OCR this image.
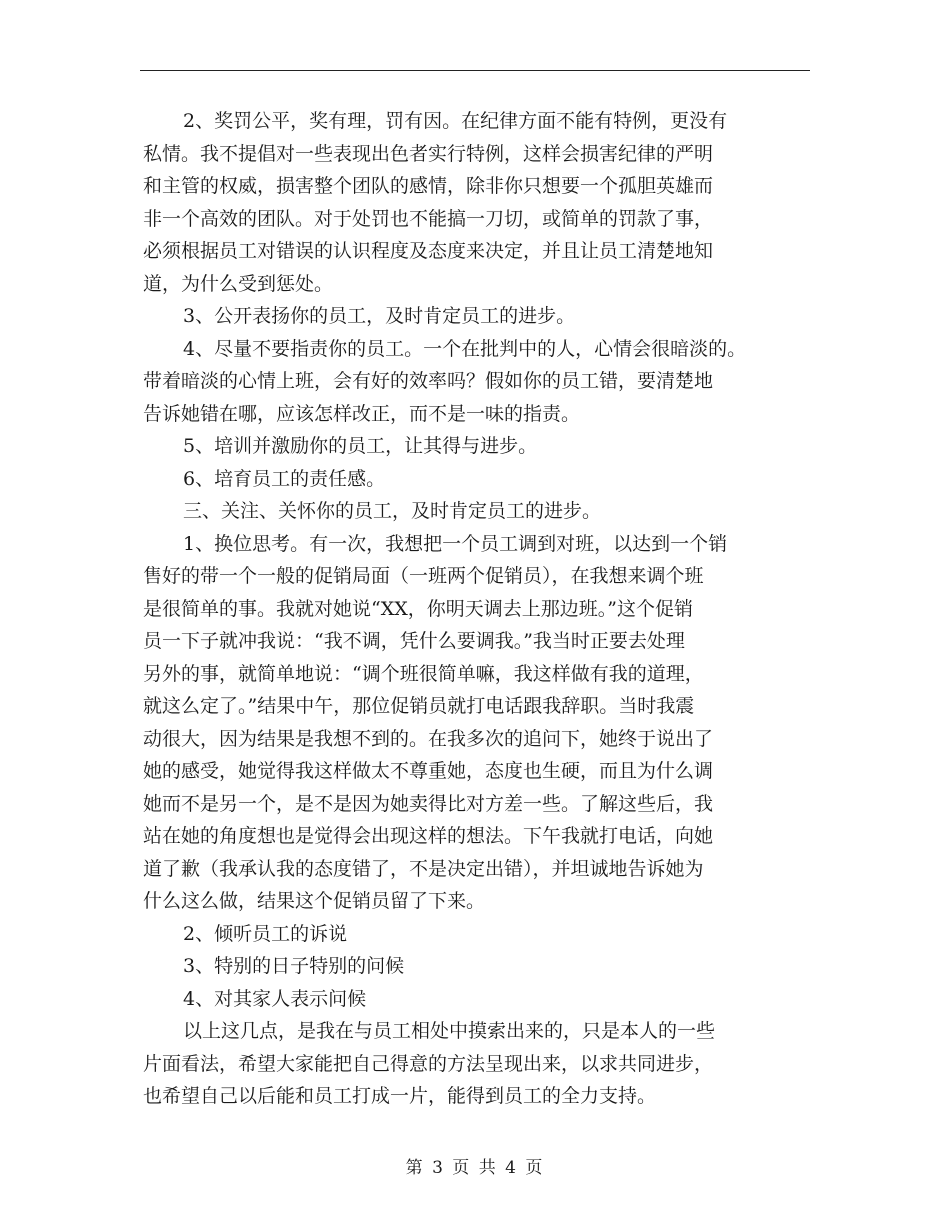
2、奖罚公平，奖有理，罚有因。在纪律方面不能有特例，更没有
私情。我不提倡对一些表现出色者实行特例，这样会损害纪律的严明
和主管的权威，损害整个团队的感情，除非你只想要一个孤胆英雄而
非一个高效的团队。对于处罚也不能搞一刀切，或简单的罚款了事，
必须根据员工对错误的认识程度及态度来决定，并且让员工清楚地知
道，为什么受到惩处。
3、公开表扬你的员工，及时肯定员工的进步。
4、尽量不要指责你的员工。一个在批判中的人，心情会很暗淡的。
带着暗淡的心情上班，会有好的效率吗？假如你的员工错，要清楚地
告诉她错在哪，应该怎样改正，而不是一味的指责。
5、培训并激励你的员工，让其得与进步。
6、培育员工的责任感。
三、关注、关怀你的员工，及时肯定员工的进步。
1、换位思考。有一次，我想把一个员工调到对班，以达到一个销
售好的带一个一般的促销局面（一班两个促销员），在我想来调个班
是很简单的事。我就对她说“XX，你明天调去上那边班。”这个促销
员一下子就冲我说：“我不调，凭什么要调我。”我当时正要去处理
另外的事，就简单地说：“调个班很简单嘛，我这样做有我的道理，
就这么定了。”结果中午，那位促销员就打电话跟我辞职。当时我震
动很大，因为结果是我想不到的。在我多次的追问下，她终于说出了
她的感受，她觉得我这样做太不尊重她，态度也生硬，而且为什么调
她而不是另一个，是不是因为她卖得比对方差一些。了解这些后，我
站在她的角度想也是觉得会出现这样的想法。下午我就打电话，向她
道了歉（我承认我的态度错了，不是决定出错），并坦诚地告诉她为
什么这么做，结果这个促销员留了下来。
2、倾听员工的诉说
3、特别的日子特别的问候
4、对其家人表示问候
以上这几点，是我在与员工相处中摸索出来的，只是本人的一些
片面看法，希望大家能把自己得意的方法呈现出来，以求共同进步，
也希望自己以后能和员工打成一片，能得到员工的全力支持。
第 3 页 共 4 页
